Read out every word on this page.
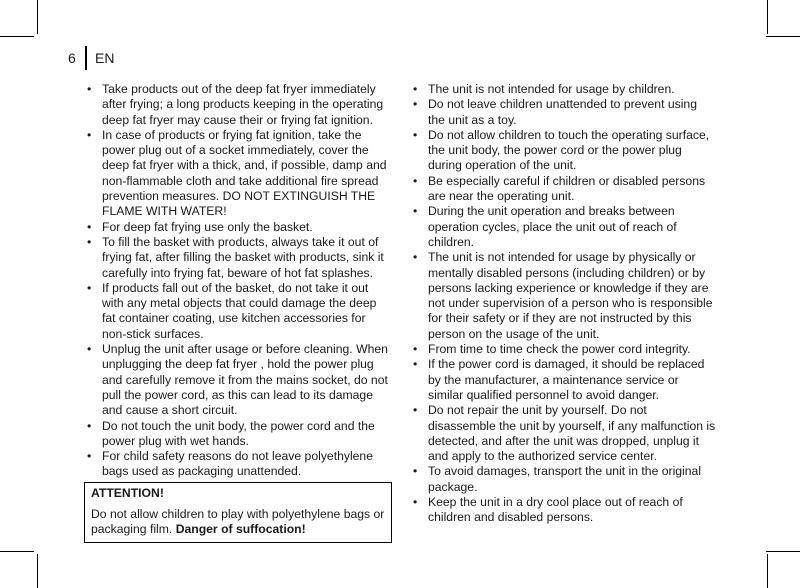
6 EN
• Take products out of the deep fat fryer immediately after frying; a long products keeping in the operating deep fat fryer may cause their or frying fat ignition.
• In case of products or frying fat ignition, take the power plug out of a socket immediately, cover the deep fat fryer with a thick, and, if possible, damp and non-flammable cloth and take additional fire spread prevention measures. DO NOT EXTINGUISH THE FLAME WITH WATER!
• For deep fat frying use only the basket.
• To fill the basket with products, always take it out of frying fat, after filling the basket with products, sink it carefully into frying fat, beware of hot fat splashes.
• If products fall out of the basket, do not take it out with any metal objects that could damage the deep fat container coating, use kitchen accessories for non-stick surfaces.
• Unplug the unit after usage or before cleaning. When unplugging the deep fat fryer , hold the power plug and carefully remove it from the mains socket, do not pull the power cord, as this can lead to its damage and cause a short circuit.
• Do not touch the unit body, the power cord and the power plug with wet hands.
• For child safety reasons do not leave polyethylene bags used as packaging unattended.
ATTENTION!
Do not allow children to play with polyethylene bags or packaging film. Danger of suffocation!
• The unit is not intended for usage by children.
• Do not leave children unattended to prevent using the unit as a toy.
• Do not allow children to touch the operating surface, the unit body, the power cord or the power plug during operation of the unit.
• Be especially careful if children or disabled persons are near the operating unit.
• During the unit operation and breaks between operation cycles, place the unit out of reach of children.
• The unit is not intended for usage by physically or mentally disabled persons (including children) or by persons lacking experience or knowledge if they are not under supervision of a person who is responsible for their safety or if they are not instructed by this person on the usage of the unit.
• From time to time check the power cord integrity.
• If the power cord is damaged, it should be replaced by the manufacturer, a maintenance service or similar qualified personnel to avoid danger.
• Do not repair the unit by yourself. Do not disassemble the unit by yourself, if any malfunction is detected, and after the unit was dropped, unplug it and apply to the authorized service center.
• To avoid damages, transport the unit in the original package.
• Keep the unit in a dry cool place out of reach of children and disabled persons.
